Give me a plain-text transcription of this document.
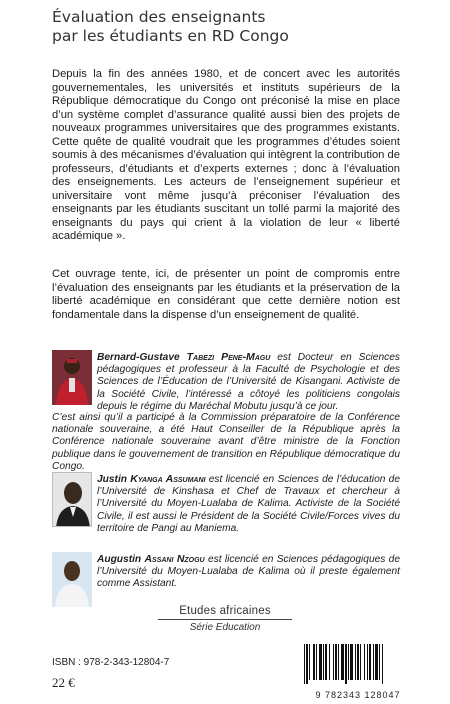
Évaluation des enseignants
par les étudiants en RD Congo

Depuis la fin des années 1980, et de concert avec les autorités gouvernementales, les universités et instituts supérieurs de la République démocratique du Congo ont préconisé la mise en place d’un système complet d’assurance qualité aussi bien des projets de nouveaux programmes universitaires que des programmes existants. Cette quête de qualité voudrait que les programmes d’études soient soumis à des mécanismes d’évaluation qui intègrent la contribution de professeurs, d’étudiants et d’experts externes ; donc à l’évaluation des enseignements. Les acteurs de l’enseignement supérieur et universitaire vont même jusqu’à préconiser l’évaluation des enseignants par les étudiants suscitant un tollé parmi la majorité des enseignants du pays qui crient à la violation de leur « liberté académique ».

Cet ouvrage tente, ici, de présenter un point de compromis entre l’évaluation des enseignants par les étudiants et la préservation de la liberté académique en considérant que cette dernière notion est fondamentale dans la dispense d’un enseignement de qualité.

Bernard-Gustave Tabezi Pene-Magu est Docteur en Sciences pédagogiques et professeur à la Faculté de Psychologie et des Sciences de l’Éducation de l’Université de Kisangani. Activiste de la Société Civile, l’intéressé a côtoyé les politiciens congolais depuis le régime du Maréchal Mobutu jusqu’à ce jour.

C’est ainsi qu’il a participé à la Commission préparatoire de la Conférence nationale souveraine, a été Haut Conseiller de la République après la Conférence nationale souveraine avant d’être ministre de la Fonction publique dans le gouvernement de transition en République démocratique du Congo.

Justin Kyanga Assumani est licencié en Sciences de l’éducation de l’Université de Kinshasa et Chef de Travaux et chercheur à l’Université du Moyen-Lualaba de Kalima. Activiste de la Société Civile, il est aussi le Président de la Société Civile/Forces vives du territoire de Pangi au Maniema.

Augustin Assani Nzogu est licencié en Sciences pédagogiques de l’Université du Moyen-Lualaba de Kalima où il preste également comme Assistant.

Etudes africaines
Série Education
ISBN : 978-2-343-12804-7
22 €
9 782343 128047
